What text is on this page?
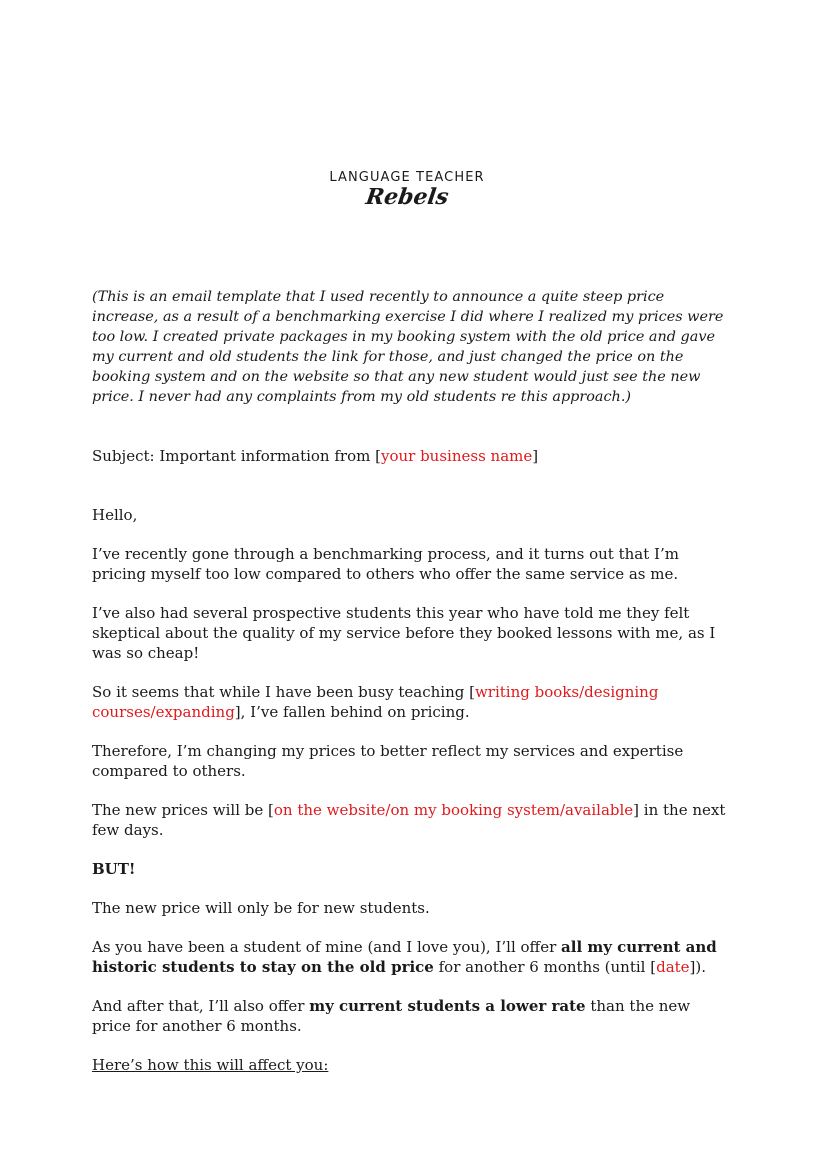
LANGUAGE TEACHER
Rebels

(This is an email template that I used recently to announce a quite steep price increase, as a result of a benchmarking exercise I did where I realized my prices were too low. I created private packages in my booking system with the old price and gave my current and old students the link for those, and just changed the price on the booking system and on the website so that any new student would just see the new price. I never had any complaints from my old students re this approach.)

Subject: Important information from [your business name]

Hello,

I’ve recently gone through a benchmarking process, and it turns out that I’m pricing myself too low compared to others who offer the same service as me.

I’ve also had several prospective students this year who have told me they felt skeptical about the quality of my service before they booked lessons with me, as I was so cheap!

So it seems that while I have been busy teaching [writing books/designing courses/expanding], I’ve fallen behind on pricing.

Therefore, I’m changing my prices to better reflect my services and expertise compared to others.

The new prices will be [on the website/on my booking system/available] in the next few days.

BUT!

The new price will only be for new students.

As you have been a student of mine (and I love you), I’ll offer all my current and historic students to stay on the old price for another 6 months (until [date]).

And after that, I’ll also offer my current students a lower rate than the new price for another 6 months.

Here’s how this will affect you:
